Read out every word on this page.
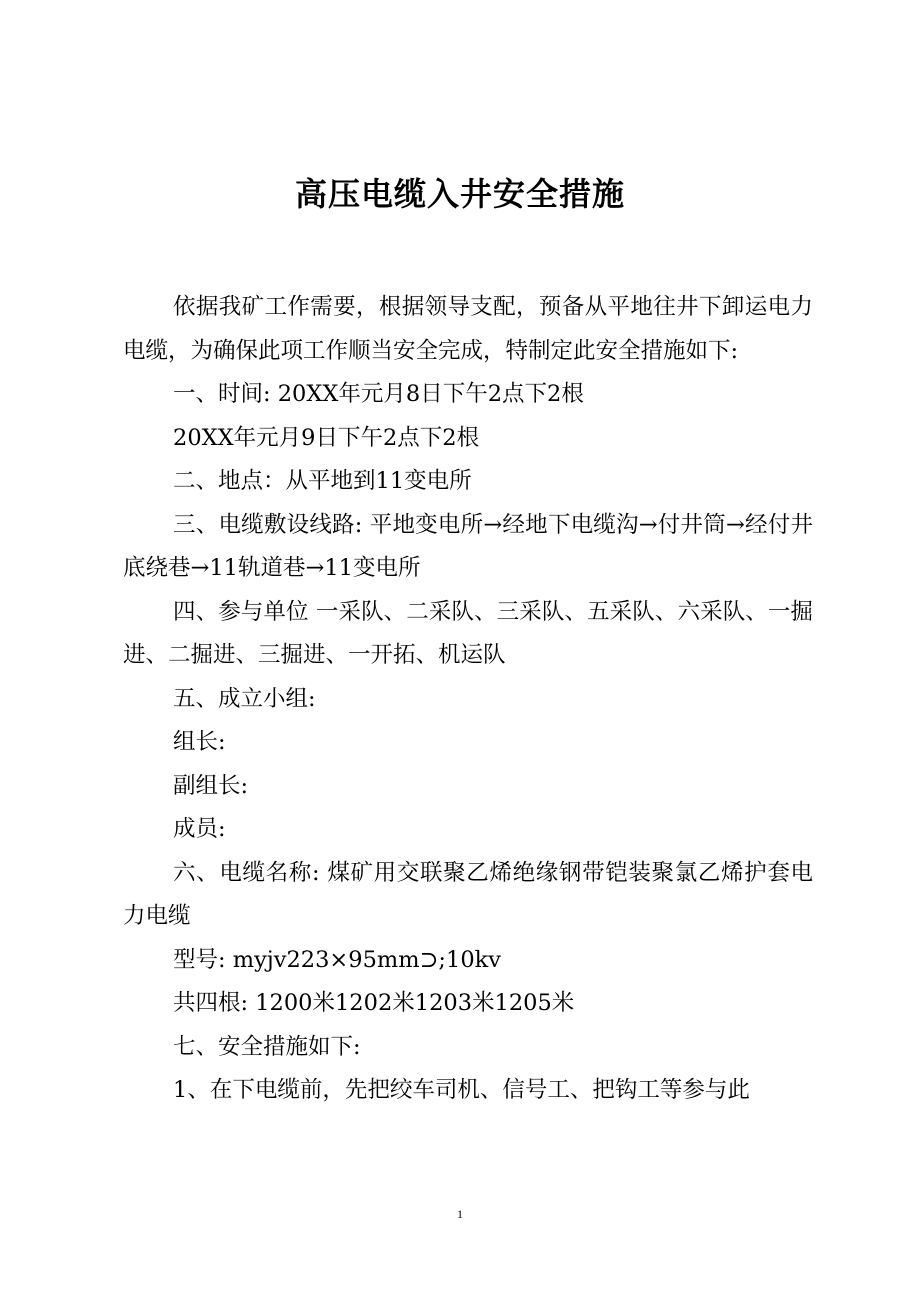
高压电缆入井安全措施

依据我矿工作需要，根据领导支配，预备从平地往井下卸运电力电缆，为确保此项工作顺当安全完成，特制定此安全措施如下:

一、时间: 20XX年元月8日下午2点下2根

20XX年元月9日下午2点下2根

二、地点：从平地到11变电所

三、电缆敷设线路: 平地变电所→经地下电缆沟→付井筒→经付井底绕巷→11轨道巷→11变电所

四、参与单位 一采队、二采队、三采队、五采队、六采队、一掘进、二掘进、三掘进、一开拓、机运队

五、成立小组:

组长:

副组长:

成员:

六、电缆名称: 煤矿用交联聚乙烯绝缘钢带铠装聚氯乙烯护套电力电缆

型号: myjv223×95mm⊃;10kv

共四根: 1200米1202米1203米1205米

七、安全措施如下:

1、在下电缆前，先把绞车司机、信号工、把钩工等参与此

1
